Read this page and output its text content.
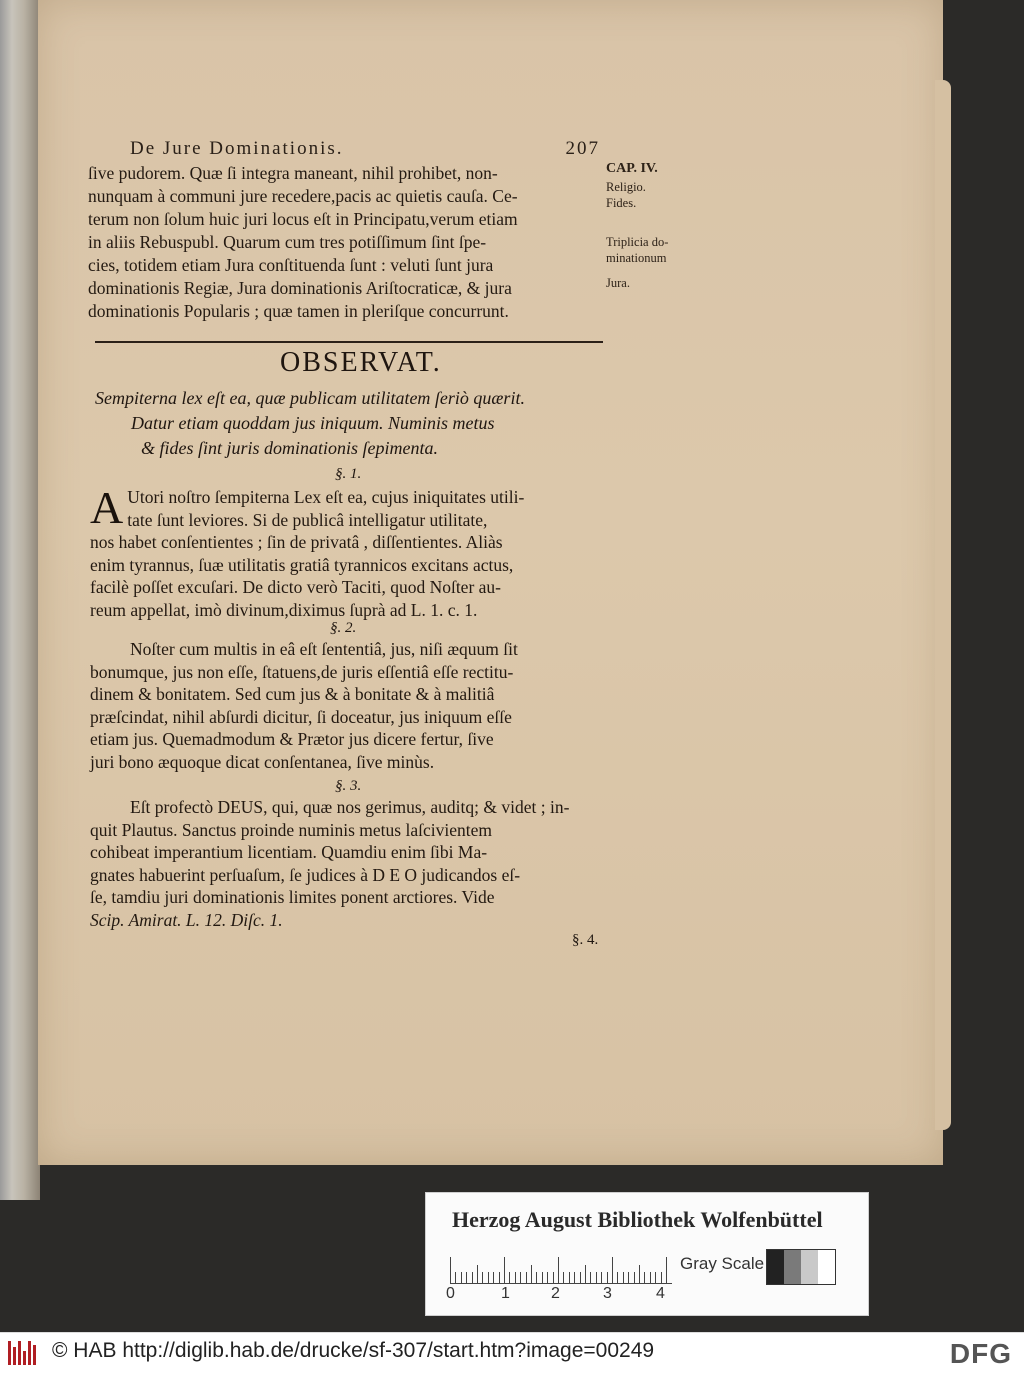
De Jure Dominationis.	207

ſive pudorem. Quæ ſi integra maneant, nihil prohibet, non-

nunquam à communi jure recedere,pacis ac quietis cauſa. Ce-

terum non ſolum huic juri locus eſt in Principatu,verum etiam

in aliis Rebuspubl. Quarum cum tres potiſſimum ſint ſpe-

cies, totidem etiam Jura conſtituenda ſunt : veluti ſunt jura

dominationis Regiæ, Jura dominationis Ariſtocraticæ, & jura

dominationis Popularis ; quæ tamen in pleriſque concurrunt.

CAP. IV.
Religio.
Fides.
Triplicia do-
minationum
Jura.
OBSERVAT.
Sempiterna lex eſt ea, quæ publicam utilitatem ſeriò quærit.
Datur etiam quoddam jus iniquum. Numinis metus
& fides ſint juris dominationis ſepimenta.
§. 1.
A Utori noſtro ſempiterna Lex eſt ea, cujus iniquitates utili-

tate ſunt leviores. Si de publicâ intelligatur utilitate,

nos habet conſentientes ; ſin de privatâ , diſſentientes. Aliàs

enim tyrannus, ſuæ utilitatis gratiâ tyrannicos excitans actus,

facilè poſſet excuſari. De dicto verò Taciti, quod Noſter au-

reum appellat, imò divinum,diximus ſuprà ad L. 1. c. 1.

§. 2.

Noſter cum multis in eâ eſt ſententiâ, jus, niſi æquum ſit

bonumque, jus non eſſe, ſtatuens,de juris eſſentiâ eſſe rectitu-

dinem & bonitatem. Sed cum jus & à bonitate & à malitiâ

præſcindat, nihil abſurdi dicitur, ſi doceatur, jus iniquum eſſe

etiam jus. Quemadmodum & Prætor jus dicere fertur, ſive

juri bono æquoque dicat conſentanea, ſive minùs.

§. 3.

Eſt profectò DEUS, qui, quæ nos gerimus, auditq; & videt ; in-

quit Plautus. Sanctus proinde numinis metus laſcivientem

cohibeat imperantium licentiam. Quamdiu enim ſibi Ma-

gnates habuerint perſuaſum, ſe judices à D E O judicandos eſ-

ſe, tamdiu juri dominationis limites ponent arctiores. Vide

Scip. Amirat. L. 12. Diſc. 1.

§. 4.
Herzog August Bibliothek Wolfenbüttel
0	1	2	3	4
Gray Scale
© HAB http://diglib.hab.de/drucke/sf-307/start.htm?image=00249	DFG
